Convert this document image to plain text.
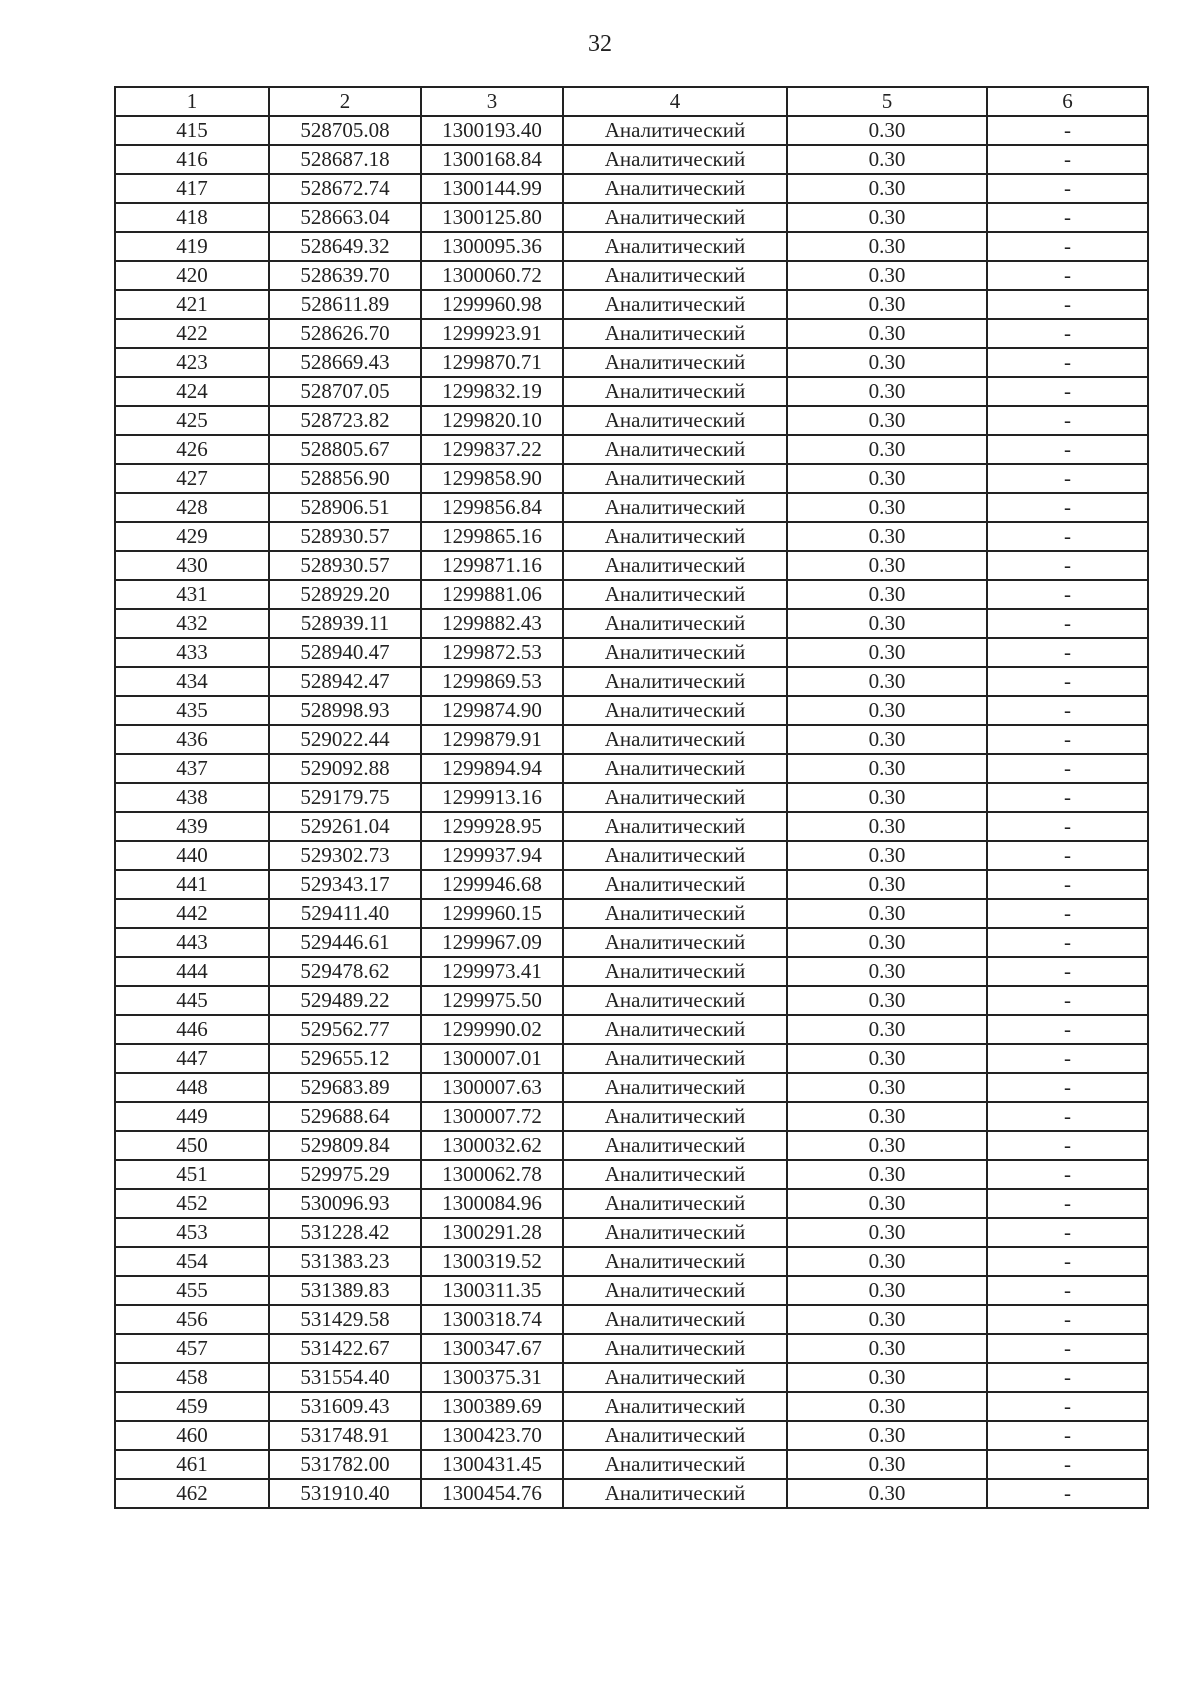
32
1	2	3	4	5	6
415	528705.08	1300193.40	Аналитический	0.30	-
416	528687.18	1300168.84	Аналитический	0.30	-
417	528672.74	1300144.99	Аналитический	0.30	-
418	528663.04	1300125.80	Аналитический	0.30	-
419	528649.32	1300095.36	Аналитический	0.30	-
420	528639.70	1300060.72	Аналитический	0.30	-
421	528611.89	1299960.98	Аналитический	0.30	-
422	528626.70	1299923.91	Аналитический	0.30	-
423	528669.43	1299870.71	Аналитический	0.30	-
424	528707.05	1299832.19	Аналитический	0.30	-
425	528723.82	1299820.10	Аналитический	0.30	-
426	528805.67	1299837.22	Аналитический	0.30	-
427	528856.90	1299858.90	Аналитический	0.30	-
428	528906.51	1299856.84	Аналитический	0.30	-
429	528930.57	1299865.16	Аналитический	0.30	-
430	528930.57	1299871.16	Аналитический	0.30	-
431	528929.20	1299881.06	Аналитический	0.30	-
432	528939.11	1299882.43	Аналитический	0.30	-
433	528940.47	1299872.53	Аналитический	0.30	-
434	528942.47	1299869.53	Аналитический	0.30	-
435	528998.93	1299874.90	Аналитический	0.30	-
436	529022.44	1299879.91	Аналитический	0.30	-
437	529092.88	1299894.94	Аналитический	0.30	-
438	529179.75	1299913.16	Аналитический	0.30	-
439	529261.04	1299928.95	Аналитический	0.30	-
440	529302.73	1299937.94	Аналитический	0.30	-
441	529343.17	1299946.68	Аналитический	0.30	-
442	529411.40	1299960.15	Аналитический	0.30	-
443	529446.61	1299967.09	Аналитический	0.30	-
444	529478.62	1299973.41	Аналитический	0.30	-
445	529489.22	1299975.50	Аналитический	0.30	-
446	529562.77	1299990.02	Аналитический	0.30	-
447	529655.12	1300007.01	Аналитический	0.30	-
448	529683.89	1300007.63	Аналитический	0.30	-
449	529688.64	1300007.72	Аналитический	0.30	-
450	529809.84	1300032.62	Аналитический	0.30	-
451	529975.29	1300062.78	Аналитический	0.30	-
452	530096.93	1300084.96	Аналитический	0.30	-
453	531228.42	1300291.28	Аналитический	0.30	-
454	531383.23	1300319.52	Аналитический	0.30	-
455	531389.83	1300311.35	Аналитический	0.30	-
456	531429.58	1300318.74	Аналитический	0.30	-
457	531422.67	1300347.67	Аналитический	0.30	-
458	531554.40	1300375.31	Аналитический	0.30	-
459	531609.43	1300389.69	Аналитический	0.30	-
460	531748.91	1300423.70	Аналитический	0.30	-
461	531782.00	1300431.45	Аналитический	0.30	-
462	531910.40	1300454.76	Аналитический	0.30	-
